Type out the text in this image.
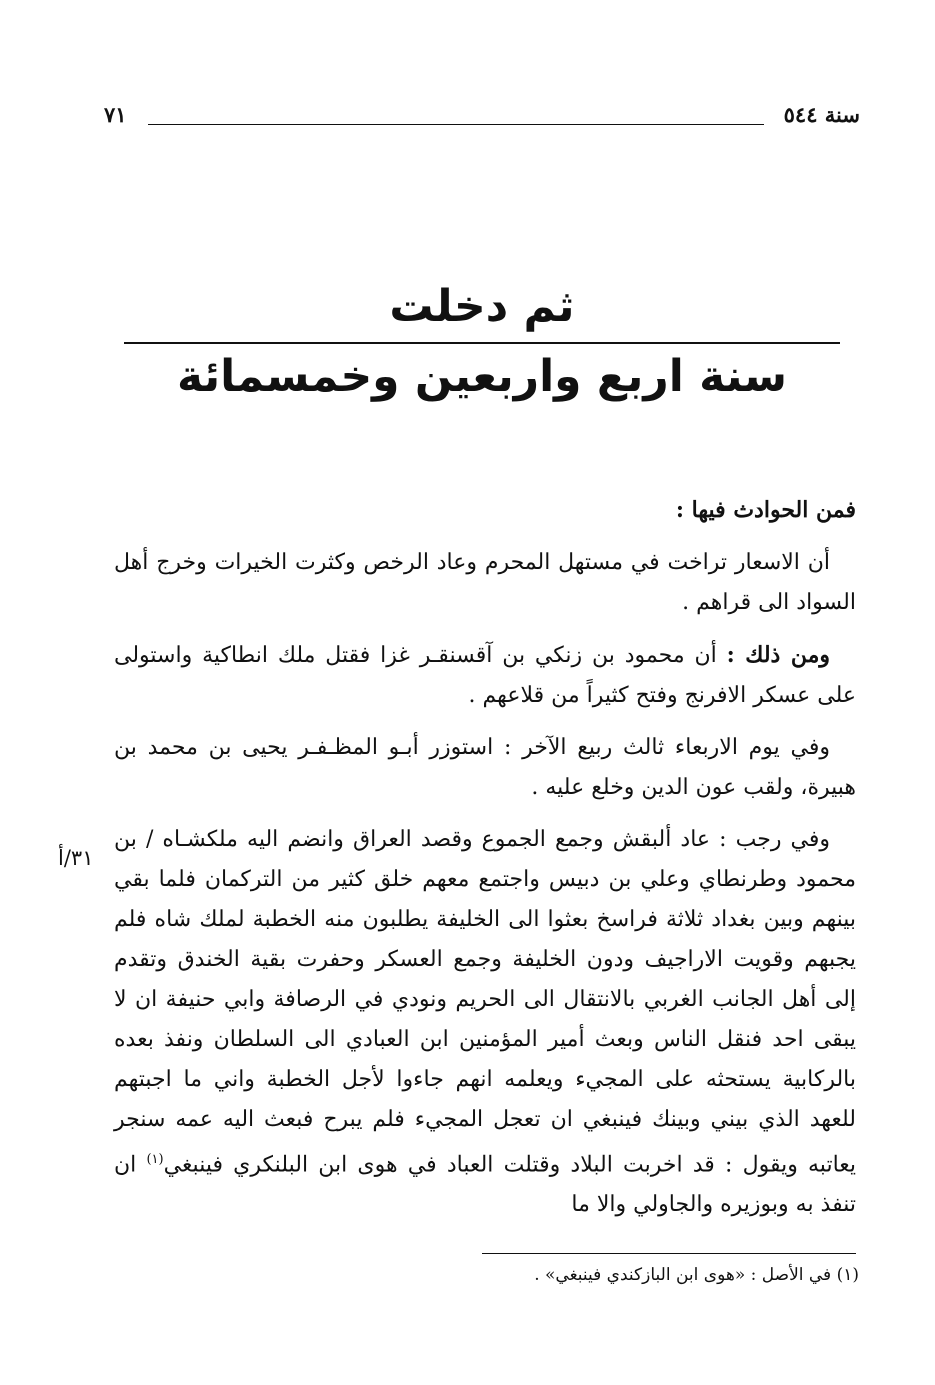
سنة ٥٤٤
٧١
ثم دخلت
سنة اربع واربعين وخمسمائة

فمن الحوادث فيها :

أن الاسعار تراخت في مستهل المحرم وعاد الرخص وكثرت الخيرات وخرج أهل السواد الى قراهم .

ومن ذلك : أن محمود بن زنكي بن آقسنقـر غزا فقتل ملك انطاكية واستولى على عسكر الافرنج وفتح كثيراً من قلاعهم .

وفي يوم الاربعاء ثالث ربيع الآخر : استوزر أبـو المظـفـر يحيى بن محمد بن هبيرة، ولقب عون الدين وخلع عليه .

وفي رجب : عاد ألبقش وجمع الجموع وقصد العراق وانضم اليه ملكشـاه / بن محمود وطرنطاي وعلي بن دبيس واجتمع معهم خلق كثير من التركمان فلما بقي بينهم وبين بغداد ثلاثة فراسخ بعثوا الى الخليفة يطلبون منه الخطبة لملك شاه فلم يجبهم وقويت الاراجيف ودون الخليفة وجمع العسكر وحفرت بقية الخندق وتقدم إلى أهل الجانب الغربي بالانتقال الى الحريم ونودي في الرصافة وابي حنيفة ان لا يبقى احد فنقل الناس وبعث أمير المؤمنين ابن العبادي الى السلطان ونفذ بعده بالركابية يستحثه على المجيء ويعلمه انهم جاءوا لأجل الخطبة واني ما اجبتهم للعهد الذي بيني وبينك فينبغي ان تعجل المجيء فلم يبرح فبعث اليه عمه سنجر يعاتبه ويقول : قد اخربت البلاد وقتلت العباد في هوى ابن البلنكري فينبغي$^{(١)}$ ان تنفذ به وبوزيره والجاولي والا ما

٣١/أ
(١) في الأصل : «هوى ابن البازكندي فينبغي» .
